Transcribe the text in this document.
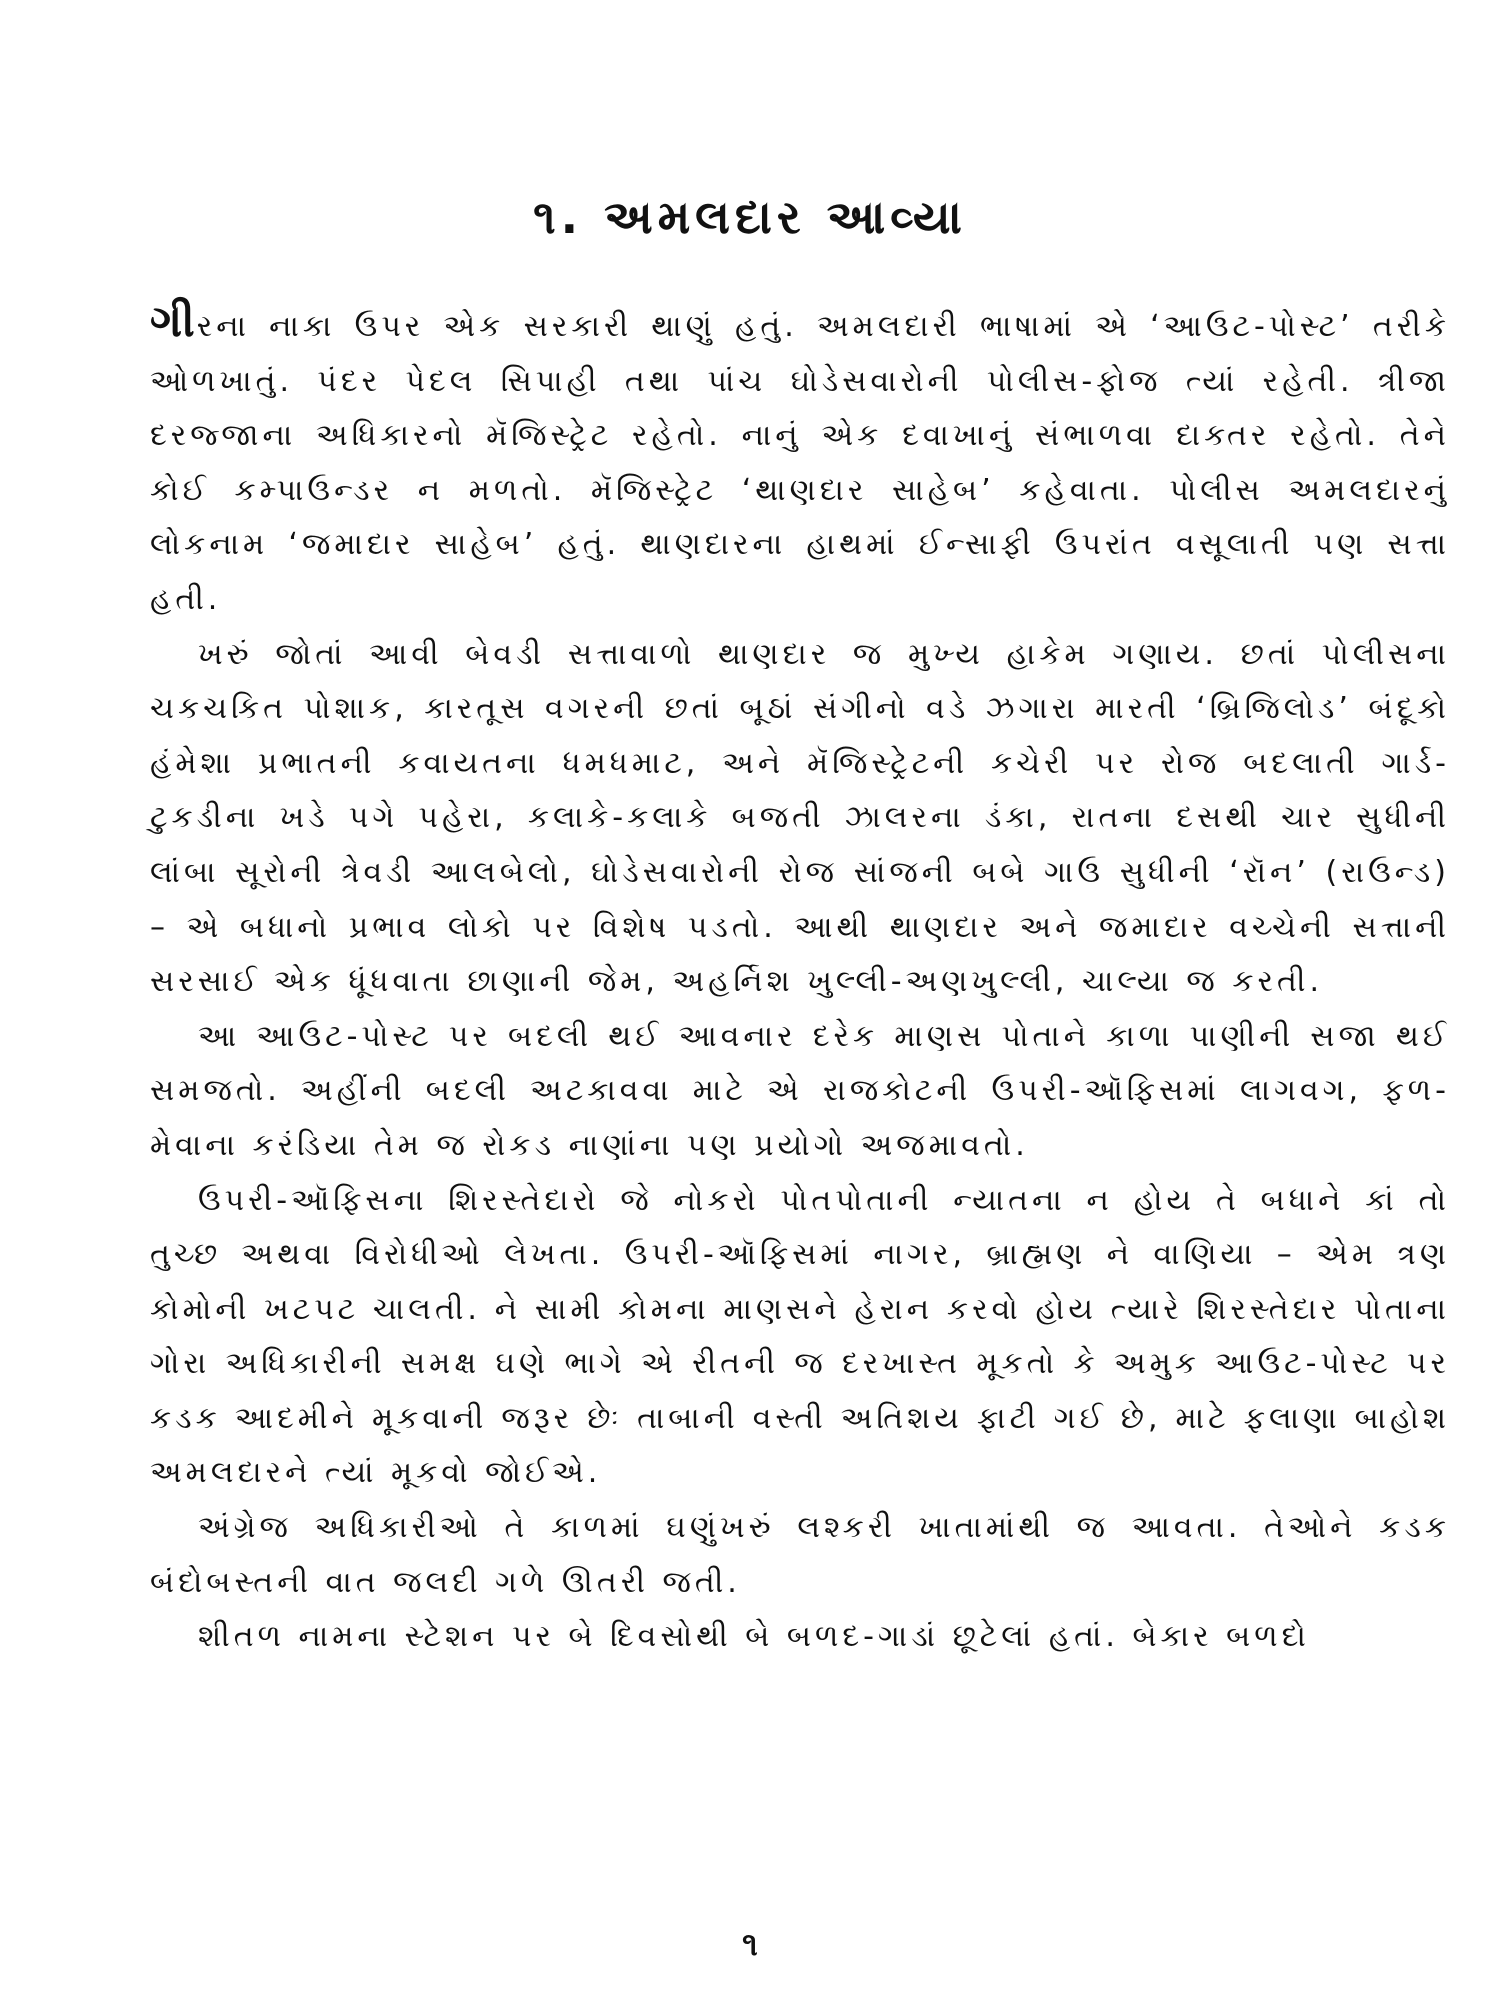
૧. અમલદાર આવ્યા

ગીરના નાકા ઉપર એક સરકારી થાણું હતું. અમલદારી ભાષામાં એ ‘આઉટ-પોસ્ટ’ તરીકે ઓળખાતું. પંદર પેદલ સિપાહી તથા પાંચ ઘોડેસવારોની પોલીસ-ફોજ ત્યાં રહેતી. ત્રીજા દરજ્જાના અધિકારનો મૅજિસ્ટ્રેટ રહેતો. નાનું એક દવાખાનું સંભાળવા દાક્તર રહેતો. તેને કોઈ કમ્પાઉન્ડર ન મળતો. મૅજિસ્ટ્રેટ ‘થાણદાર સાહેબ’ કહેવાતા. પોલીસ અમલદારનું લોકનામ ‘જમાદાર સાહેબ’ હતું. થાણદારના હાથમાં ઈન્સાફી ઉપરાંત વસૂલાતી પણ સત્તા હતી.

ખરું જોતાં આવી બેવડી સત્તાવાળો થાણદાર જ મુખ્ય હાકેમ ગણાય. છતાં પોલીસના ચકચકિત પોશાક, કારતૂસ વગરની છતાં બૂઠાં સંગીનો વડે ઝગારા મારતી ‘બ્રિજિલોડ’ બંદૂકો હંમેશા પ્રભાતની કવાયતના ધમધમાટ, અને મૅજિસ્ટ્રેટની કચેરી પર રોજ બદલાતી ગાર્ડ-ટુકડીના ખડે પગે પહેરા, કલાકે-કલાકે બજતી ઝાલરના ડંકા, રાતના દસથી ચાર સુધીની લાંબા સૂરોની ત્રેવડી આલબેલો, ઘોડેસવારોની રોજ સાંજની બબે ગાઉ સુધીની ‘રૉન’ (રાઉન્ડ) – એ બધાનો પ્રભાવ લોકો પર વિશેષ પડતો. આથી થાણદાર અને જમાદાર વચ્ચેની સત્તાની સરસાઈ એક ધૂંધવાતા છાણાની જેમ, અહર્નિશ ખુલ્લી-અણખુલ્લી, ચાલ્યા જ કરતી.

આ આઉટ-પોસ્ટ પર બદલી થઈ આવનાર દરેક માણસ પોતાને કાળા પાણીની સજા થઈ સમજતો. અહીંની બદલી અટકાવવા માટે એ રાજકોટની ઉપરી-ઑફિસમાં લાગવગ, ફળ-મેવાના કરંડિયા તેમ જ રોકડ નાણાંના પણ પ્રયોગો અજમાવતો.

ઉપરી-ઑફિસના શિરસ્તેદારો જે નોકરો પોતપોતાની ન્યાતના ન હોય તે બધાને કાં તો તુચ્છ અથવા વિરોધીઓ લેખતા. ઉપરી-ઑફિસમાં નાગર, બ્રાહ્મણ ને વાણિયા – એમ ત્રણ કોમોની ખટપટ ચાલતી. ને સામી કોમના માણસને હેરાન કરવો હોય ત્યારે શિરસ્તેદાર પોતાના ગોરા અધિકારીની સમક્ષ ઘણે ભાગે એ રીતની જ દરખાસ્ત મૂકતો કે અમુક આઉટ-પોસ્ટ પર કડક આદમીને મૂકવાની જરૂર છેઃ તાબાની વસ્તી અતિશય ફાટી ગઈ છે, માટે ફલાણા બાહોશ અમલદારને ત્યાં મૂકવો જોઈએ.

અંગ્રેજ અધિકારીઓ તે કાળમાં ઘણુંખરું લશ્કરી ખાતામાંથી જ આવતા. તેઓને કડક બંદોબસ્તની વાત જલદી ગળે ઊતરી જતી.

શીતળ નામના સ્ટેશન પર બે દિવસોથી બે બળદ-ગાડાં છૂટેલાં હતાં. બેકાર બળદો

૧
